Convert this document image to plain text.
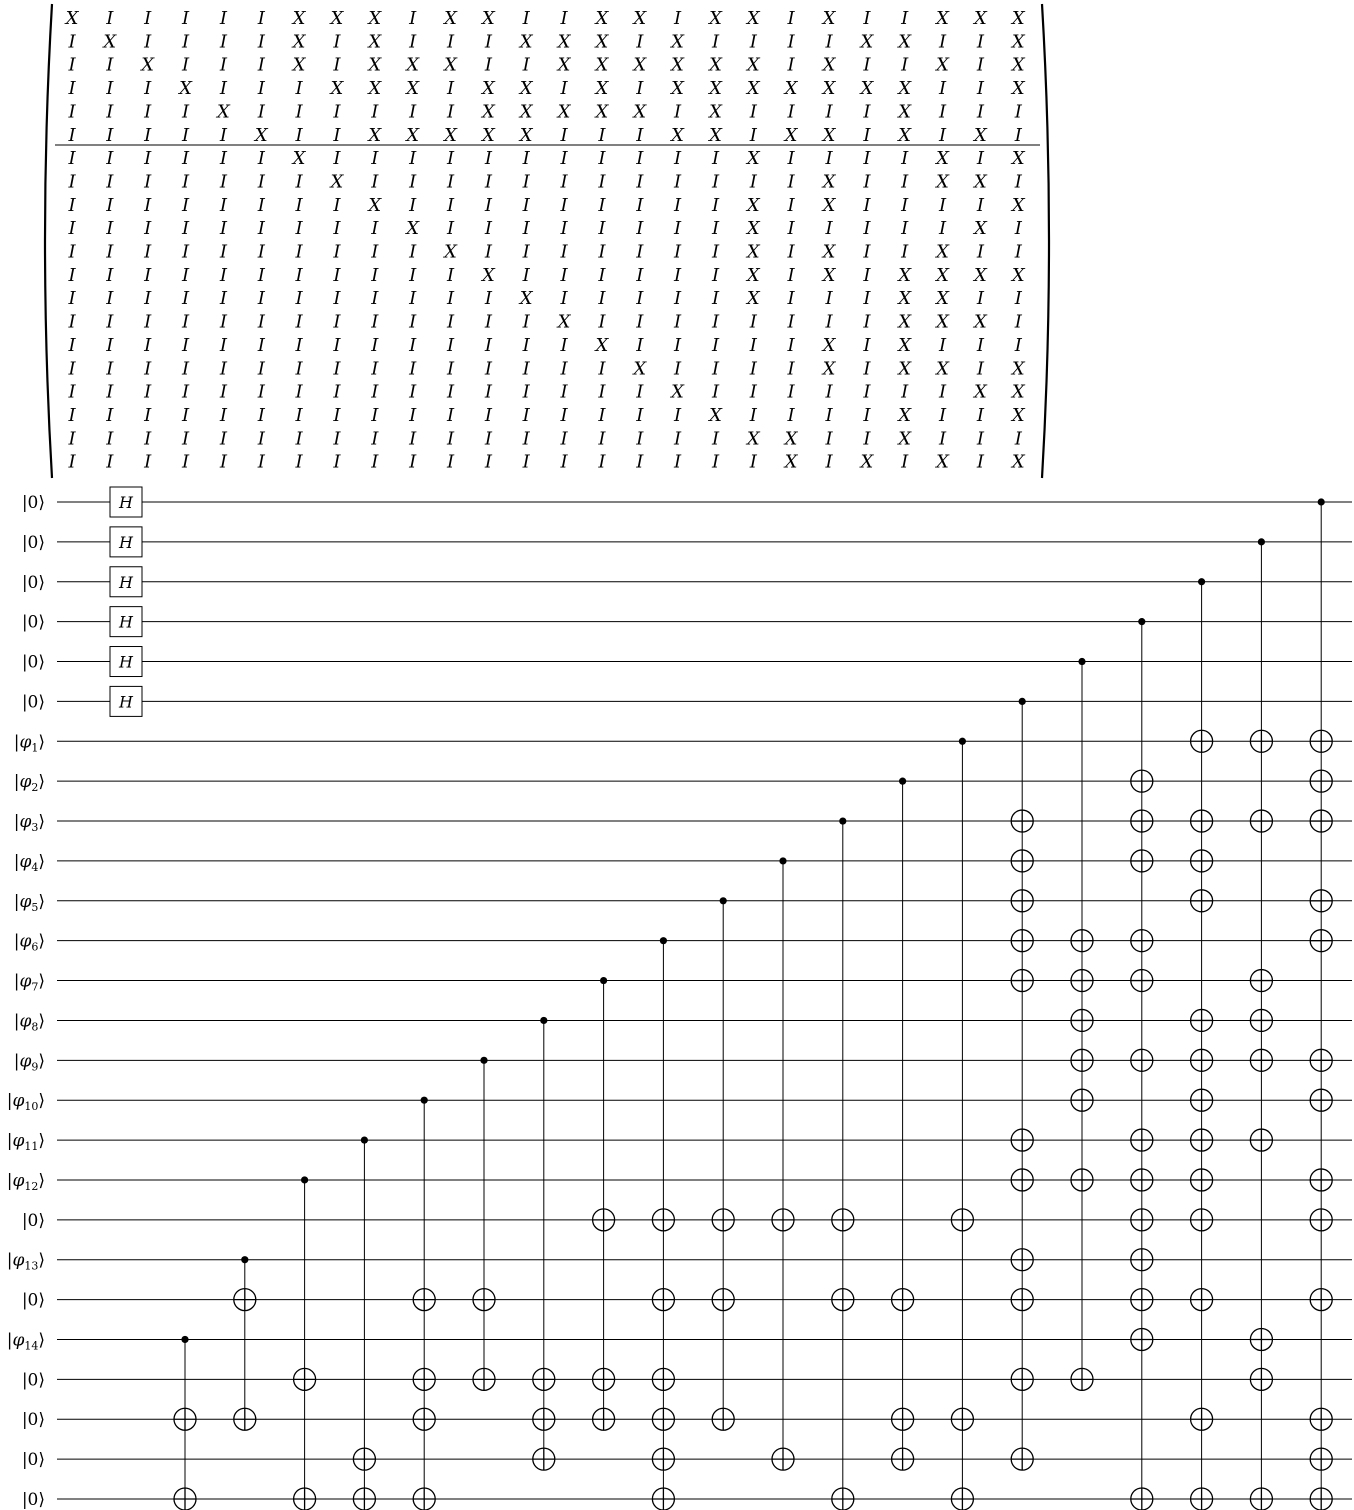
X I I I I I X X X I X X I I X X I X X I X I I X X X
I X I I I I X I X I I I X X X I X I I I I X X I I X
I I X I I I X I X X X I I X X X X X X I X I I X I X
I I I X I I I X X X I X X I X I X X X X X X X I I X
I I I I X I I I I I I X X X X X I X I I I I X I I I
I I I I I X I I X X X X X I I I X X I X X I X I X I
I I I I I I X I I I I I I I I I I I X I I I I X I X
I I I I I I I X I I I I I I I I I I I I X I I X X I
I I I I I I I I X I I I I I I I I I X I X I I I I X
I I I I I I I I I X I I I I I I I I X I I I I I X I
I I I I I I I I I I X I I I I I I I X I X I I X I I
I I I I I I I I I I I X I I I I I I X I X I X X X X
I I I I I I I I I I I I X I I I I I X I I I X X I I
I I I I I I I I I I I I I X I I I I I I I I X X X I
I I I I I I I I I I I I I I X I I I I I X I X I I I
I I I I I I I I I I I I I I I X I I I I X I X X I X
I I I I I I I I I I I I I I I I X I I I I I I I X X
I I I I I I I I I I I I I I I I I X I I I I X I I X
I I I I I I I I I I I I I I I I I I X X I I X I I I
I I I I I I I I I I I I I I I I I I I X I X I X I X
|0⟩
|0⟩
|0⟩
|0⟩
|0⟩
|0⟩
$|\varphi_1⟩$
$|\varphi_2⟩$
$|\varphi_3⟩$
$|\varphi_4⟩$
$|\varphi_5⟩$
$|\varphi_6⟩$
$|\varphi_7⟩$
$|\varphi_8⟩$
$|\varphi_9⟩$
$|\varphi_{10}⟩$
$|\varphi_{11}⟩$
$|\varphi_{12}⟩$
|0⟩
$|\varphi_{13}⟩$
|0⟩
$|\varphi_{14}⟩$
|0⟩
|0⟩
|0⟩
|0⟩
H
H
H
H
H
H
